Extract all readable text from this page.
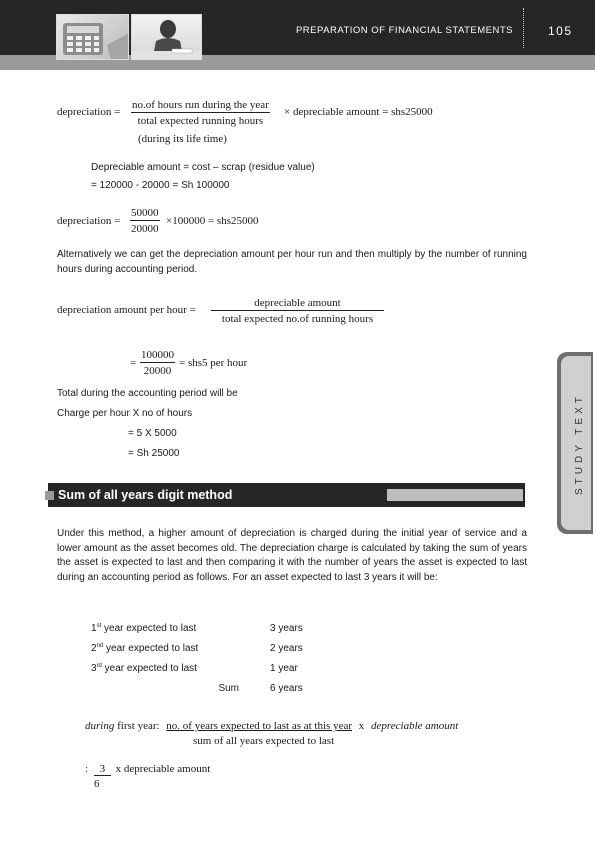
PREPARATION OF FINANCIAL STATEMENTS	105
STUDY TEXT
depreciation =
no.of hours run during the year
total expected running hours
× depreciable amount = shs25000
(during its life time)
Depreciable amount = cost – scrap (residue value)
= 120000 - 20000 = Sh 100000
depreciation = $\frac{50000}{20000} \times 100000 = shs25000$
Alternatively we can get the depreciation amount per hour run and then multiply by the number of running hours during accounting period.
depreciation amount per hour =
depreciable amount
total expected no.of running hours
= $\frac{100000}{20000} = shs5$ per hour
Total during the accounting period will be
Charge per hour X no of hours
= 5 X 5000
= Sh 25000
Sum of all years digit method
Under this method, a higher amount of depreciation is charged during the initial year of service and a lower amount as the asset becomes old. The depreciation charge is calculated by taking the sum of years the asset is expected to last and then comparing it with the number of years the asset is expected to last during an accounting period as follows. For an asset expected to last 3 years it will be:
1st year expected to last	3 years
2nd year expected to last	2 years
3rd year expected to last	1 year
Sum	6 years
during first year: no. of years expected to last as at this year x depreciable amount
sum of all years expected to last
: 3 x depreciable amount
6
